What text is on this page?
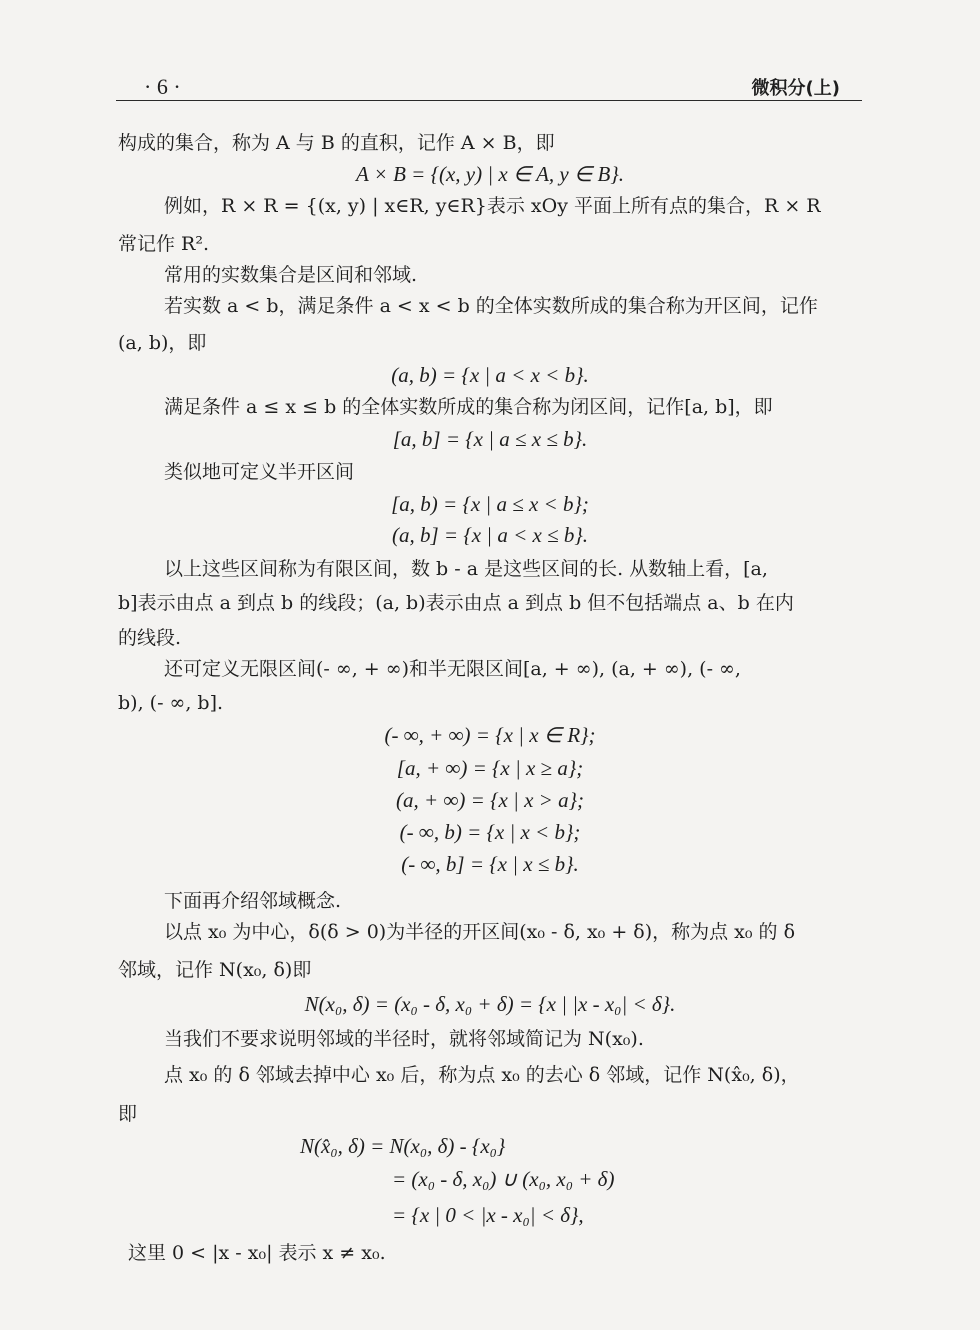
· 6 ·	微积分(上)

构成的集合，称为 A 与 B 的直积，记作 A × B，即

A × B = {(x, y) | x ∈ A, y ∈ B}.

例如，R × R = {(x, y) | x∈R, y∈R}表示 xOy 平面上所有点的集合，R × R

常记作 R².

常用的实数集合是区间和邻域.

若实数 a < b，满足条件 a < x < b 的全体实数所成的集合称为开区间，记作

(a, b)，即

(a, b) = {x | a < x < b}.

满足条件 a ≤ x ≤ b 的全体实数所成的集合称为闭区间，记作[a, b]，即

[a, b] = {x | a ≤ x ≤ b}.

类似地可定义半开区间

[a, b) = {x | a ≤ x < b};

(a, b] = {x | a < x ≤ b}.

以上这些区间称为有限区间，数 b - a 是这些区间的长. 从数轴上看，[a,

b]表示由点 a 到点 b 的线段；(a, b)表示由点 a 到点 b 但不包括端点 a、b 在内

的线段.

还可定义无限区间(- ∞, + ∞)和半无限区间[a, + ∞), (a, + ∞), (- ∞,

b), (- ∞, b].

(- ∞, + ∞) = {x | x ∈ R};

[a, + ∞) = {x | x ≥ a};

(a, + ∞) = {x | x > a};

(- ∞, b) = {x | x < b};

(- ∞, b] = {x | x ≤ b}.

下面再介绍邻域概念.

以点 x₀ 为中心，δ(δ > 0)为半径的开区间(x₀ - δ, x₀ + δ)，称为点 x₀ 的 δ

邻域，记作 N(x₀, δ)即

N(x₀, δ) = (x₀ - δ, x₀ + δ) = {x | |x - x₀| < δ}.

当我们不要求说明邻域的半径时，就将邻域简记为 N(x₀).

点 x₀ 的 δ 邻域去掉中心 x₀ 后，称为点 x₀ 的去心 δ 邻域，记作 N(x̂₀, δ)，

即

N(x̂₀, δ) = N(x₀, δ) - {x₀}

= (x₀ - δ, x₀) ∪ (x₀, x₀ + δ)

= {x | 0 < |x - x₀| < δ},

这里 0 < |x - x₀| 表示 x ≠ x₀.
